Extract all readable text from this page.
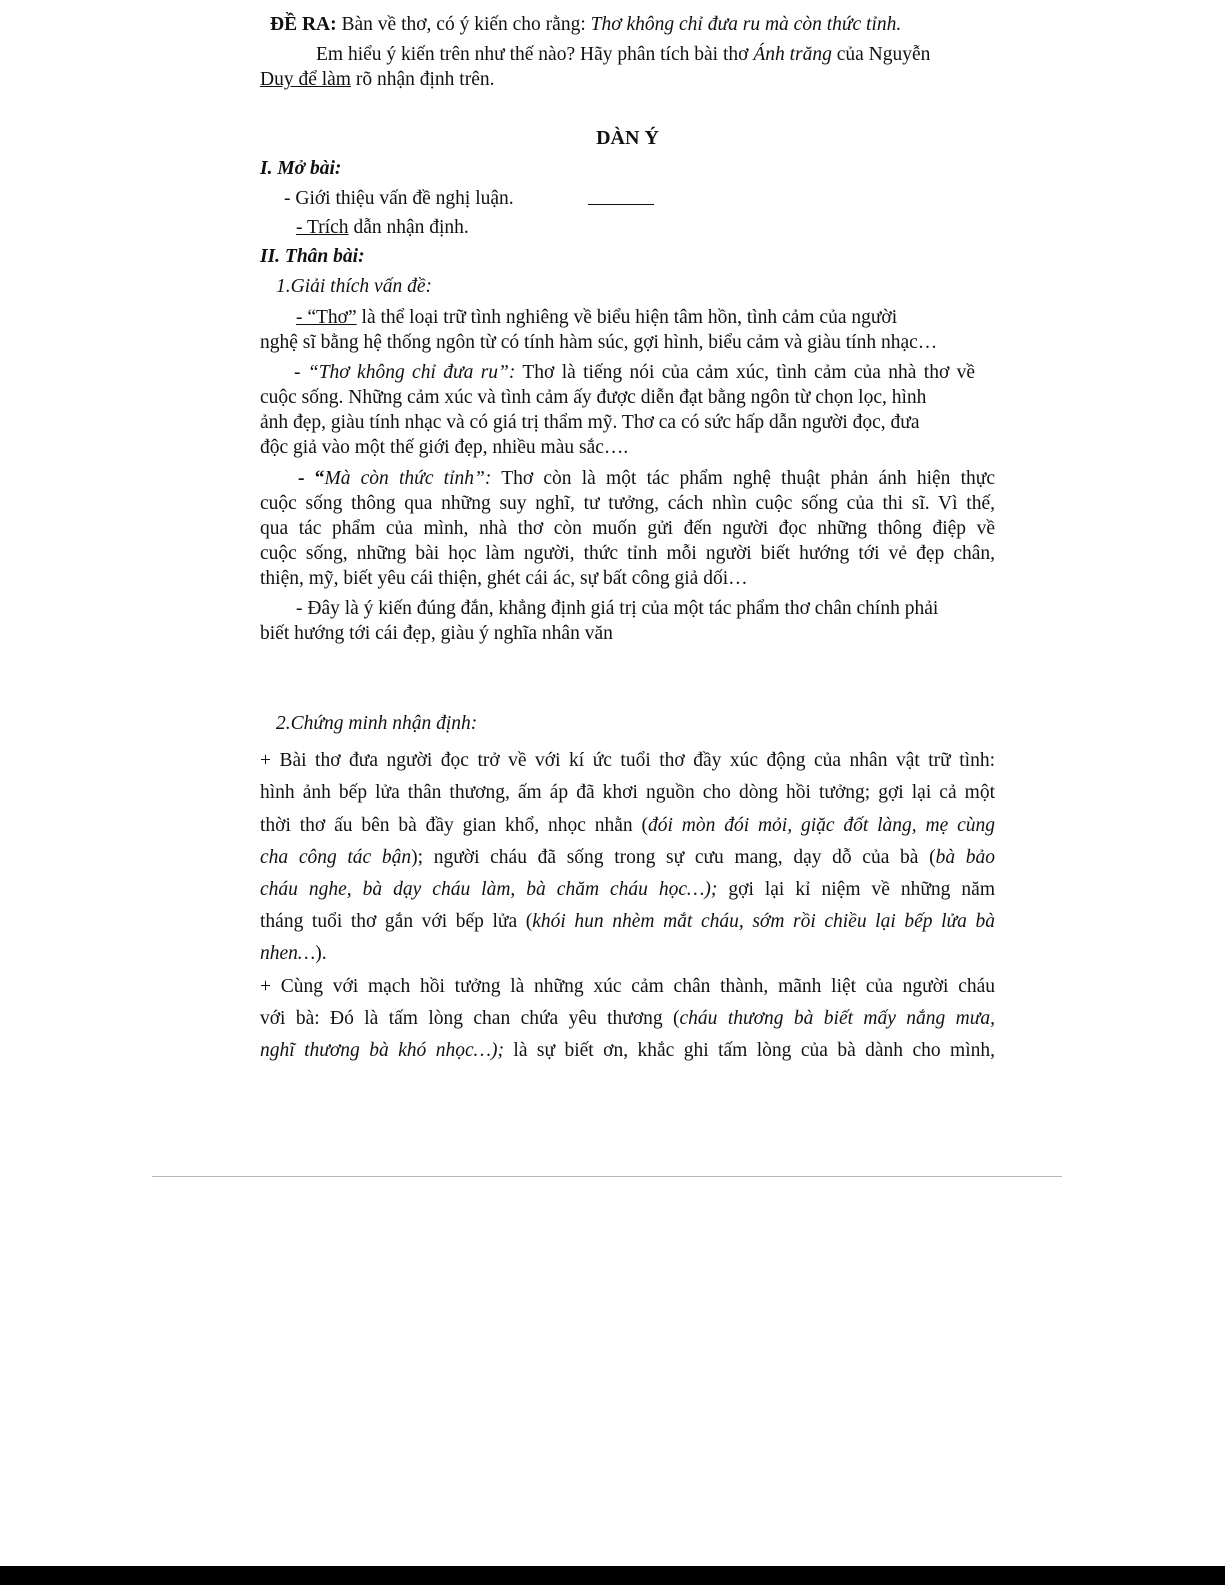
ĐỀ RA: Bàn về thơ, có ý kiến cho rằng: Thơ không chỉ đưa ru mà còn thức tỉnh.
Em hiểu ý kiến trên như thế nào? Hãy phân tích bài thơ Ánh trăng của Nguyễn
Duy để làm rõ nhận định trên.
DÀN Ý
I. Mở bài:
- Giới thiệu vấn đề nghị luận.
- Trích dẫn nhận định.
II. Thân bài:
1.Giải thích vấn đề:
- “Thơ” là thể loại trữ tình nghiêng về biểu hiện tâm hồn, tình cảm của người
nghệ sĩ bằng hệ thống ngôn từ có tính hàm súc, gợi hình, biểu cảm và giàu tính nhạc…
- “Thơ không chỉ đưa ru”: Thơ là tiếng nói của cảm xúc, tình cảm của nhà thơ về
cuộc sống. Những cảm xúc và tình cảm ấy được diễn đạt bằng ngôn từ chọn lọc, hình
ảnh đẹp, giàu tính nhạc và có giá trị thẩm mỹ. Thơ ca có sức hấp dẫn người đọc, đưa
độc giả vào một thế giới đẹp, nhiều màu sắc….
- “Mà còn thức tỉnh”: Thơ còn là một tác phẩm nghệ thuật phản ánh hiện thực
cuộc sống thông qua những suy nghĩ, tư tưởng, cách nhìn cuộc sống của thi sĩ. Vì thế,
qua tác phẩm của mình, nhà thơ còn muốn gửi đến người đọc những thông điệp về
cuộc sống, những bài học làm người, thức tỉnh mỗi người biết hướng tới vẻ đẹp chân,
thiện, mỹ, biết yêu cái thiện, ghét cái ác, sự bất công giả dối…
- Đây là ý kiến đúng đắn, khẳng định giá trị của một tác phẩm thơ chân chính phải
biết hướng tới cái đẹp, giàu ý nghĩa nhân văn
2.Chứng minh nhận định:
+ Bài thơ đưa người đọc trở về với kí ức tuổi thơ đầy xúc động của nhân vật trữ tình:
hình ảnh bếp lửa thân thương, ấm áp đã khơi nguồn cho dòng hồi tưởng; gợi lại cả một
thời thơ ấu bên bà đầy gian khổ, nhọc nhằn (đói mòn đói mỏi, giặc đốt làng, mẹ cùng
cha công tác bận); người cháu đã sống trong sự cưu mang, dạy dỗ của bà (bà bảo
cháu nghe, bà dạy cháu làm, bà chăm cháu học…); gợi lại kỉ niệm về những năm
tháng tuổi thơ gắn với bếp lửa (khói hun nhèm mắt cháu, sớm rồi chiều lại bếp lửa bà
nhen…).
+ Cùng với mạch hồi tưởng là những xúc cảm chân thành, mãnh liệt của người cháu
với bà: Đó là tấm lòng chan chứa yêu thương (cháu thương bà biết mấy nắng mưa,
nghĩ thương bà khó nhọc…); là sự biết ơn, khắc ghi tấm lòng của bà dành cho mình,
